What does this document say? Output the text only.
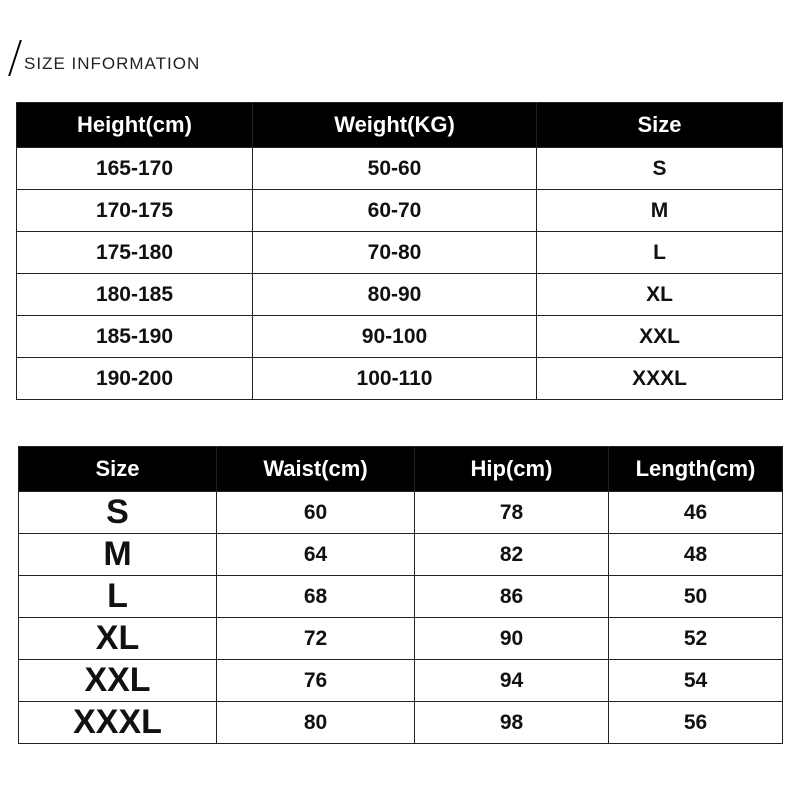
SIZE INFORMATION
Height(cm)	Weight(KG)	Size
165-170	50-60	S
170-175	60-70	M
175-180	70-80	L
180-185	80-90	XL
185-190	90-100	XXL
190-200	100-110	XXXL
Size	Waist(cm)	Hip(cm)	Length(cm)
S	60	78	46
M	64	82	48
L	68	86	50
XL	72	90	52
XXL	76	94	54
XXXL	80	98	56
